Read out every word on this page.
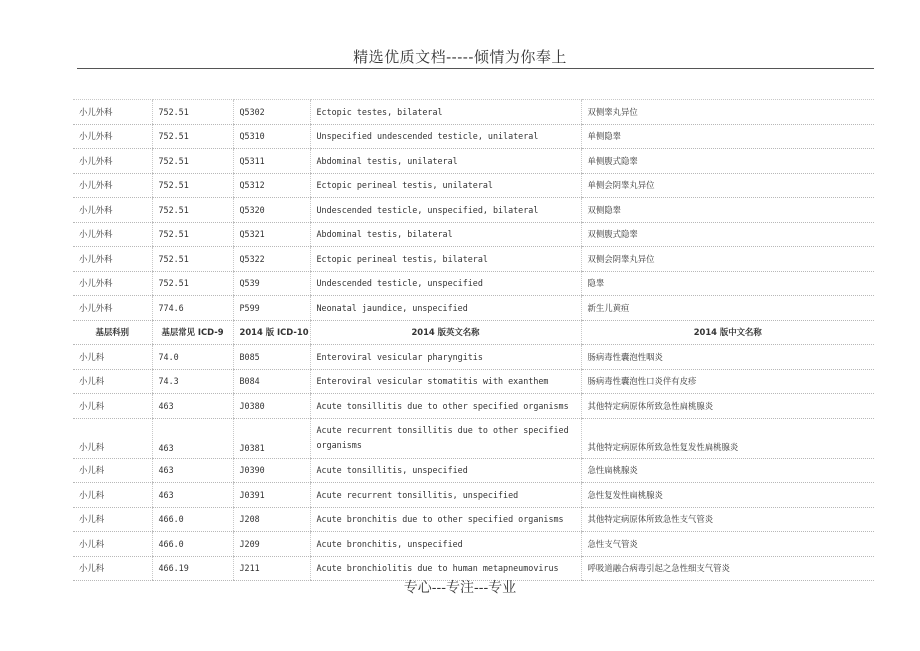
精选优质文档-----倾情为你奉上
小儿外科	752.51	Q5302	Ectopic testes, bilateral	双侧睾丸异位
小儿外科	752.51	Q5310	Unspecified undescended testicle, unilateral	单侧隐睾
小儿外科	752.51	Q5311	Abdominal testis, unilateral	单侧腹式隐睾
小儿外科	752.51	Q5312	Ectopic perineal testis, unilateral	单侧会阴睾丸异位
小儿外科	752.51	Q5320	Undescended testicle, unspecified, bilateral	双侧隐睾
小儿外科	752.51	Q5321	Abdominal testis, bilateral	双侧腹式隐睾
小儿外科	752.51	Q5322	Ectopic perineal testis, bilateral	双侧会阴睾丸异位
小儿外科	752.51	Q539	Undescended testicle, unspecified	隐睾
小儿外科	774.6	P599	Neonatal jaundice, unspecified	新生儿黄疸
基层科别	基层常见 ICD-9	2014 版 ICD-10	2014 版英文名称	2014 版中文名称
小儿科	74.0	B085	Enteroviral vesicular pharyngitis	肠病毒性囊泡性咽炎
小儿科	74.3	B084	Enteroviral vesicular stomatitis with exanthem	肠病毒性囊泡性口炎伴有皮疹
小儿科	463	J0380	Acute tonsillitis due to other specified organisms	其他特定病原体所致急性扁桃腺炎
小儿科	463	J0381	Acute recurrent tonsillitis due to other specified organisms	其他特定病原体所致急性复发性扁桃腺炎
小儿科	463	J0390	Acute tonsillitis, unspecified	急性扁桃腺炎
小儿科	463	J0391	Acute recurrent tonsillitis, unspecified	急性复发性扁桃腺炎
小儿科	466.0	J208	Acute bronchitis due to other specified organisms	其他特定病原体所致急性支气管炎
小儿科	466.0	J209	Acute bronchitis, unspecified	急性支气管炎
小儿科	466.19	J211	Acute bronchiolitis due to human metapneumovirus	呼吸道融合病毒引起之急性细支气管炎
专心---专注---专业
